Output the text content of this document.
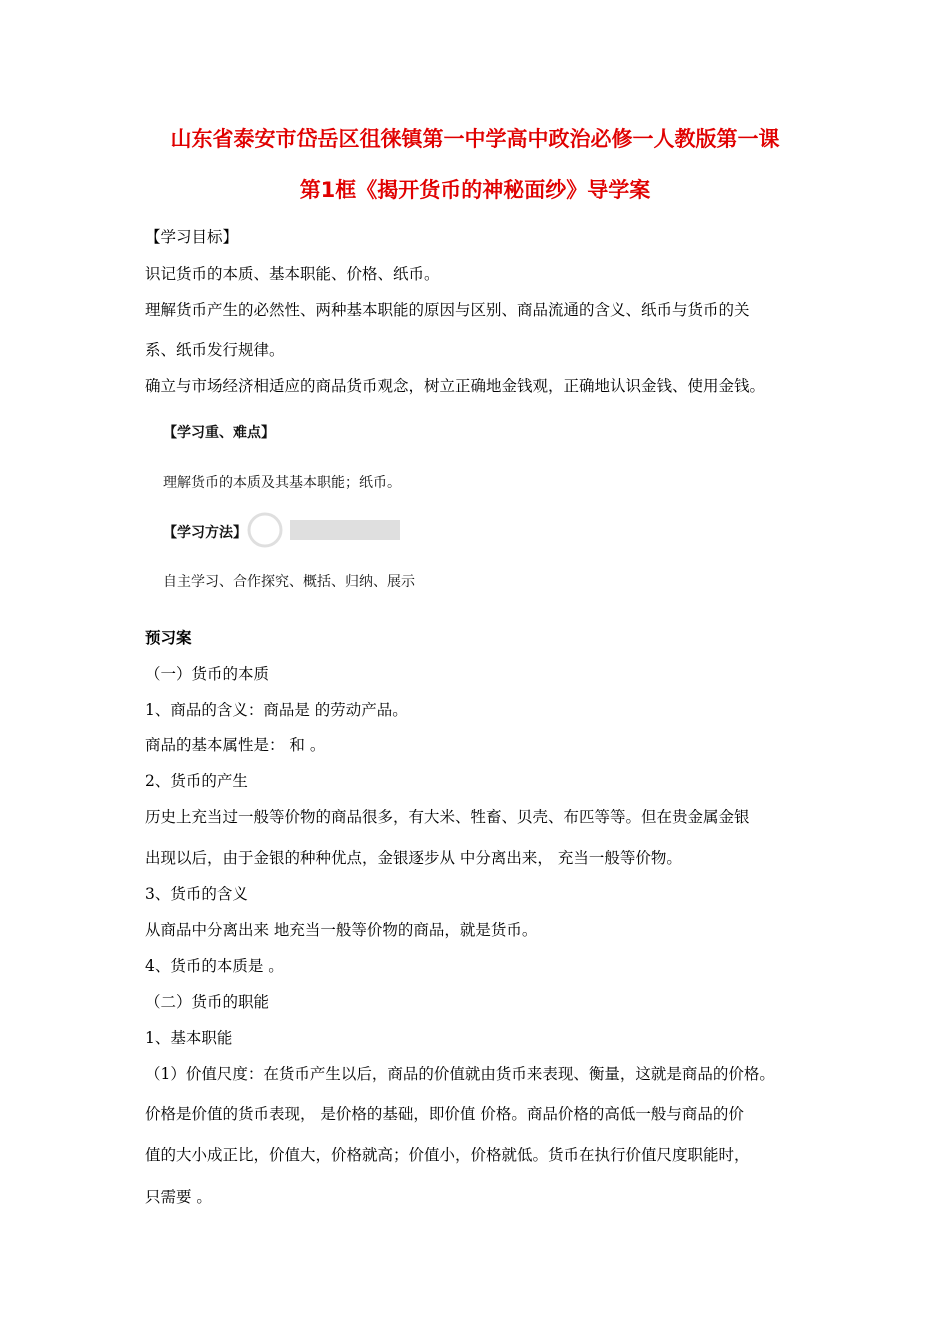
山东省泰安市岱岳区徂徕镇第一中学高中政治必修一人教版第一课
第1框《揭开货币的神秘面纱》导学案
【学习目标】
识记货币的本质、基本职能、价格、纸币。
理解货币产生的必然性、两种基本职能的原因与区别、商品流通的含义、纸币与货币的关
系、纸币发行规律。
确立与市场经济相适应的商品货币观念，树立正确地金钱观，正确地认识金钱、使用金钱。
【学习重、难点】
理解货币的本质及其基本职能；纸币。
【学习方法】
自主学习、合作探究、概括、归纳、展示
预习案
（一）货币的本质
1、商品的含义：商品是 的劳动产品。
商品的基本属性是： 和 。
2、货币的产生
历史上充当过一般等价物的商品很多，有大米、牲畜、贝壳、布匹等等。但在贵金属金银
出现以后，由于金银的种种优点，金银逐步从 中分离出来， 充当一般等价物。
3、货币的含义
从商品中分离出来 地充当一般等价物的商品，就是货币。
4、货币的本质是 。
（二）货币的职能
1、基本职能
（1）价值尺度：在货币产生以后，商品的价值就由货币来表现、衡量，这就是商品的价格。
价格是价值的货币表现， 是价格的基础，即价值 价格。商品价格的高低一般与商品的价
值的大小成正比，价值大，价格就高；价值小，价格就低。货币在执行价值尺度职能时，
只需要 。
